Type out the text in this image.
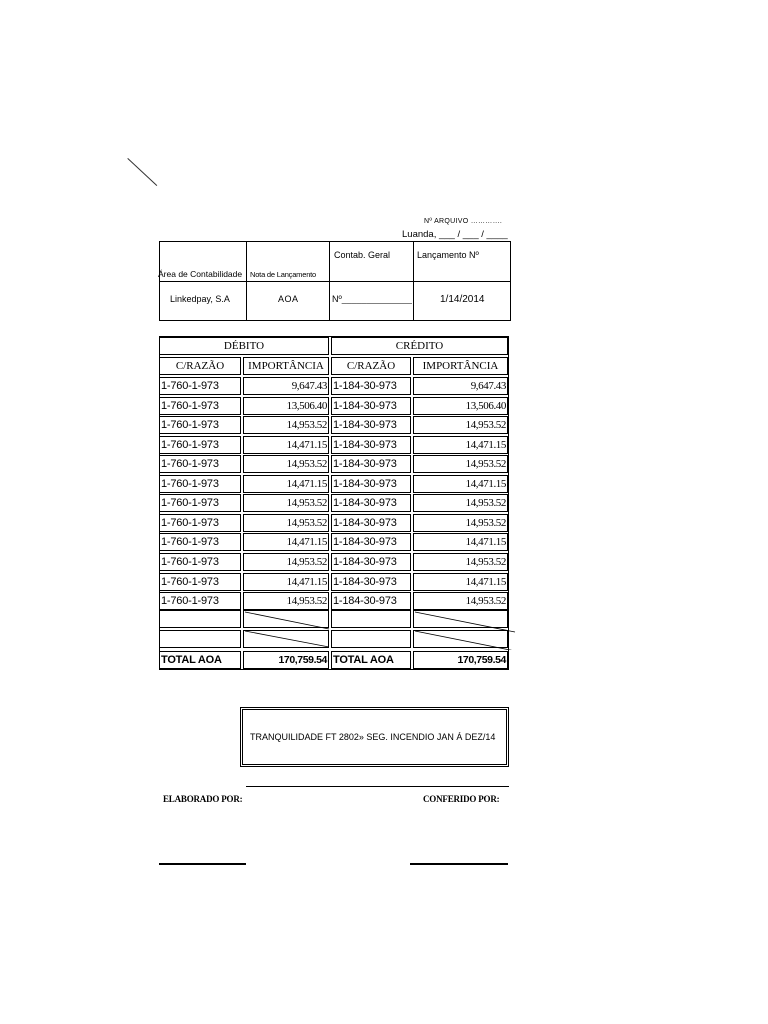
Nº ARQUIVO ………….
Luanda, ___ / ___ / ____
Área de Contabilidade	Nota de Lançamento
Contab. Geral	Lançamento Nº
Linkedpay, S.A	AOA	Nº______________	1/14/2014
DÉBITO	CRÉDITO
C/RAZÃO	IMPORTÂNCIA	C/RAZÃO	IMPORTÂNCIA
1-760-1-973	9,647.43 1-184-30-973	9,647.43
1-760-1-973	13,506.40 1-184-30-973	13,506.40
1-760-1-973	14,953.52 1-184-30-973	14,953.52
1-760-1-973	14,471.15 1-184-30-973	14,471.15
1-760-1-973	14,953.52 1-184-30-973	14,953.52
1-760-1-973	14,471.15 1-184-30-973	14,471.15
1-760-1-973	14,953.52 1-184-30-973	14,953.52
1-760-1-973	14,953.52 1-184-30-973	14,953.52
1-760-1-973	14,471.15 1-184-30-973	14,471.15
1-760-1-973	14,953.52 1-184-30-973	14,953.52
1-760-1-973	14,471.15 1-184-30-973	14,471.15
1-760-1-973	14,953.52 1-184-30-973	14,953.52
TOTAL AOA	170,759.54 TOTAL AOA	170,759.54
TRANQUILIDADE FT 2802» SEG. INCENDIO JAN Á DEZ/14
ELABORADO POR:	CONFERIDO POR:
